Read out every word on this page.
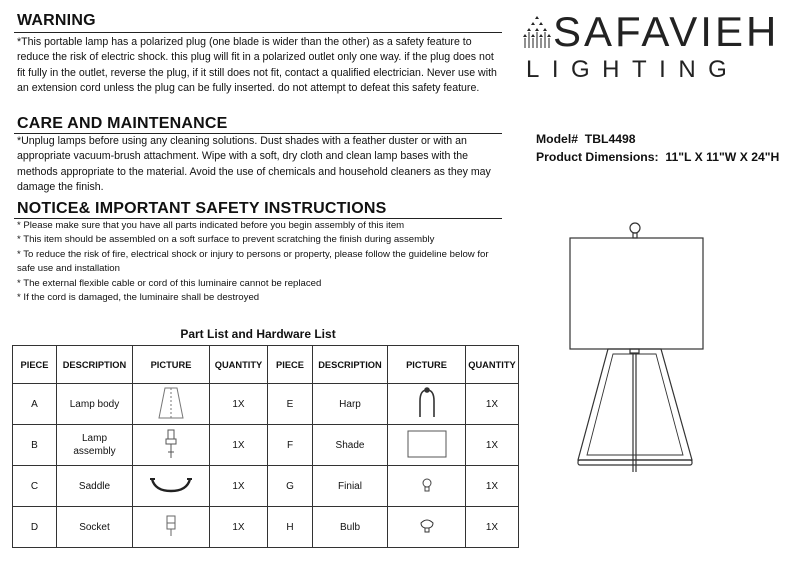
WARNING
*This portable lamp has a polarized plug (one blade is wider than the other) as a safety feature to reduce the risk of electric shock. this plug will fit in a polarized outlet only one way. if the plug does not fit fully in the outlet, reverse the plug, if it still does not fit, contact a qualified electrician. Never use with an extension cord unless the plug can be fully inserted. do not attempt to defeat this safety feature.
CARE AND MAINTENANCE
*Unplug lamps before using any cleaning solutions. Dust shades with a feather duster or with an appropriate vacuum-brush attachment. Wipe with a soft, dry cloth and clean lamp bases with the methods appropriate to the material. Avoid the use of chemicals and household cleaners as they may damage the finish.
NOTICE& IMPORTANT SAFETY INSTRUCTIONS
* Please make sure that you have all parts indicated before you begin assembly of this item
* This item should be assembled on a soft surface to prevent scratching the finish during assembly
* To reduce the risk of fire, electrical shock or injury to persons or property, please follow the guideline below for safe use and installation
* The external flexible cable or cord of this luminaire cannot be replaced
* If the cord is damaged, the luminaire shall be destroyed
SAFAVIEH
LIGHTING
Model# TBL4498
Product Dimensions: 11"L X 11"W X 24"H
Part List and Hardware List
PIECE	DESCRIPTION	PICTURE	QUANTITY	PIECE	DESCRIPTION	PICTURE	QUANTITY
A	Lamp body		1X	E	Harp		1X
B	Lamp assembly		1X	F	Shade		1X
C	Saddle		1X	G	Finial		1X
D	Socket		1X	H	Bulb		1X
